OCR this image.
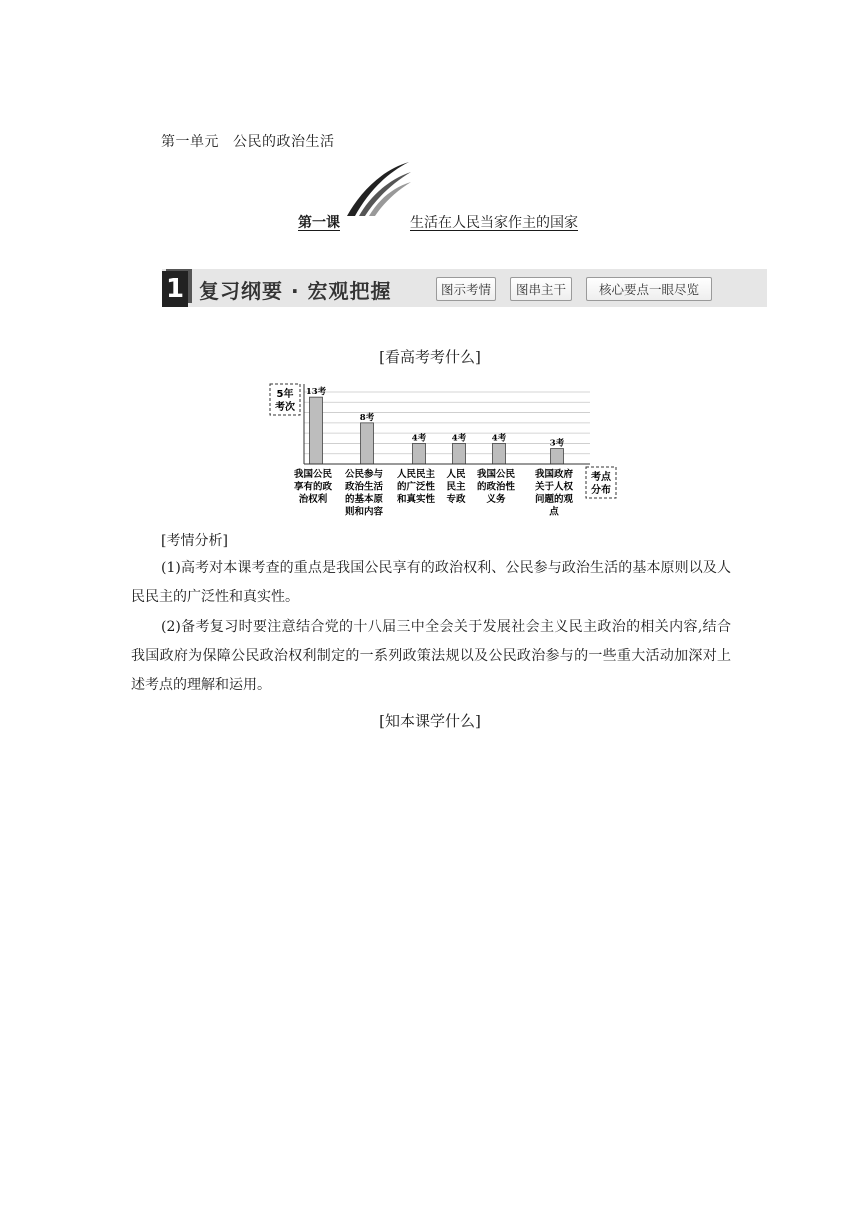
第一单元 公民的政治生活
第一课	生活在人民当家作主的国家
1 复习纲要 · 宏观把握	图示考情	图串主干	核心要点一眼尽览
[看高考考什么]
13考
我国公民
享有的政
治权利
8考
公民参与
政治生活
的基本原
则和内容
4考
人民民主
的广泛性
和真实性
4考
人民
民主
专政
4考
我国公民
的政治性
义务
3考
我国政府
关于人权
问题的观
点
5年
考次
考点
分布
[考情分析]
(1)高考对本课考查的重点是我国公民享有的政治权利、公民参与政治生活的基本原则以及人民民主的广泛性和真实性。
(2)备考复习时要注意结合党的十八届三中全会关于发展社会主义民主政治的相关内容,结合我国政府为保障公民政治权利制定的一系列政策法规以及公民政治参与的一些重大活动加深对上述考点的理解和运用。
[知本课学什么]
